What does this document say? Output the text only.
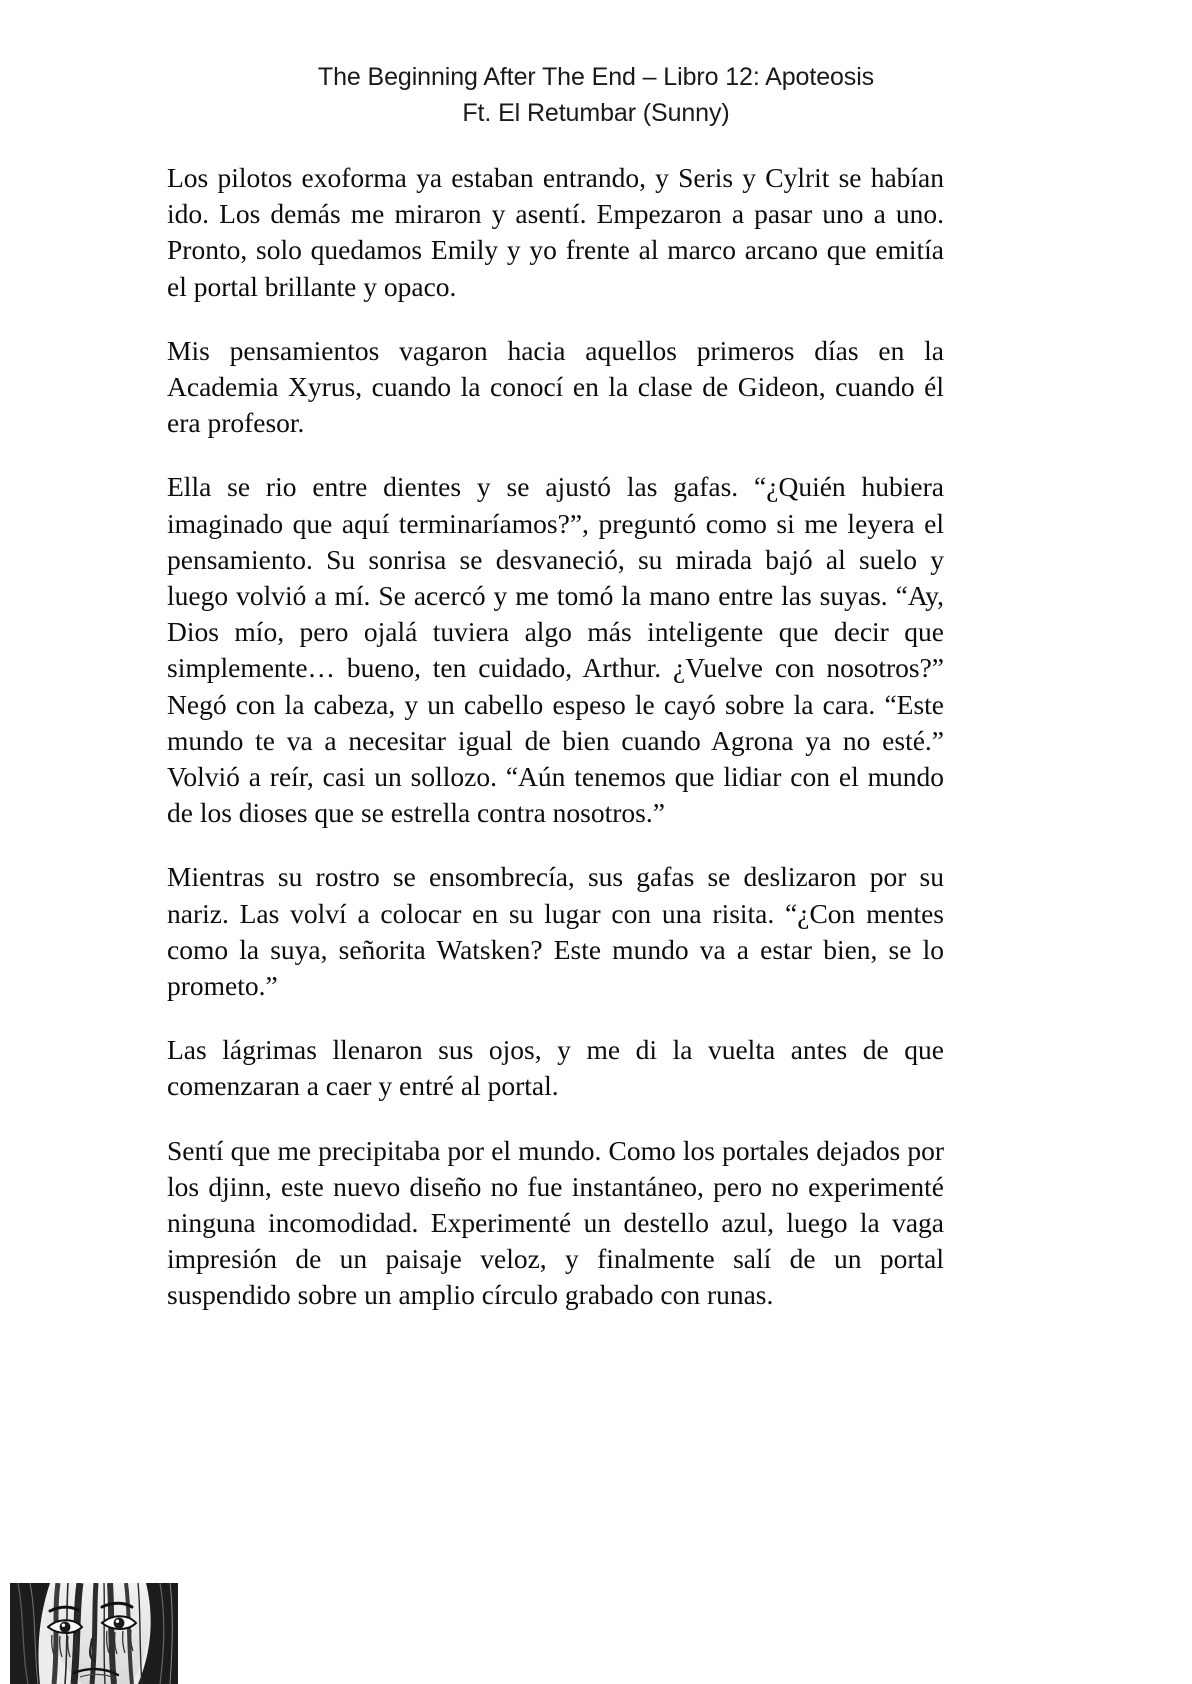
The Beginning After The End – Libro 12: Apoteosis
Ft. El Retumbar (Sunny)

Los pilotos exoforma ya estaban entrando, y Seris y Cylrit se habían ido. Los demás me miraron y asentí. Empezaron a pasar uno a uno. Pronto, solo quedamos Emily y yo frente al marco arcano que emitía el portal brillante y opaco.

Mis pensamientos vagaron hacia aquellos primeros días en la Academia Xyrus, cuando la conocí en la clase de Gideon, cuando él era profesor.

Ella se rio entre dientes y se ajustó las gafas. “¿Quién hubiera imaginado que aquí terminaríamos?”, preguntó como si me leyera el pensamiento. Su sonrisa se desvaneció, su mirada bajó al suelo y luego volvió a mí. Se acercó y me tomó la mano entre las suyas. “Ay, Dios mío, pero ojalá tuviera algo más inteligente que decir que simplemente… bueno, ten cuidado, Arthur. ¿Vuelve con nosotros?” Negó con la cabeza, y un cabello espeso le cayó sobre la cara. “Este mundo te va a necesitar igual de bien cuando Agrona ya no esté.” Volvió a reír, casi un sollozo. “Aún tenemos que lidiar con el mundo de los dioses que se estrella contra nosotros.”

Mientras su rostro se ensombrecía, sus gafas se deslizaron por su nariz. Las volví a colocar en su lugar con una risita. “¿Con mentes como la suya, señorita Watsken? Este mundo va a estar bien, se lo prometo.”

Las lágrimas llenaron sus ojos, y me di la vuelta antes de que comenzaran a caer y entré al portal.

Sentí que me precipitaba por el mundo. Como los portales dejados por los djinn, este nuevo diseño no fue instantáneo, pero no experimenté ninguna incomodidad. Experimenté un destello azul, luego la vaga impresión de un paisaje veloz, y finalmente salí de un portal suspendido sobre un amplio círculo grabado con runas.
